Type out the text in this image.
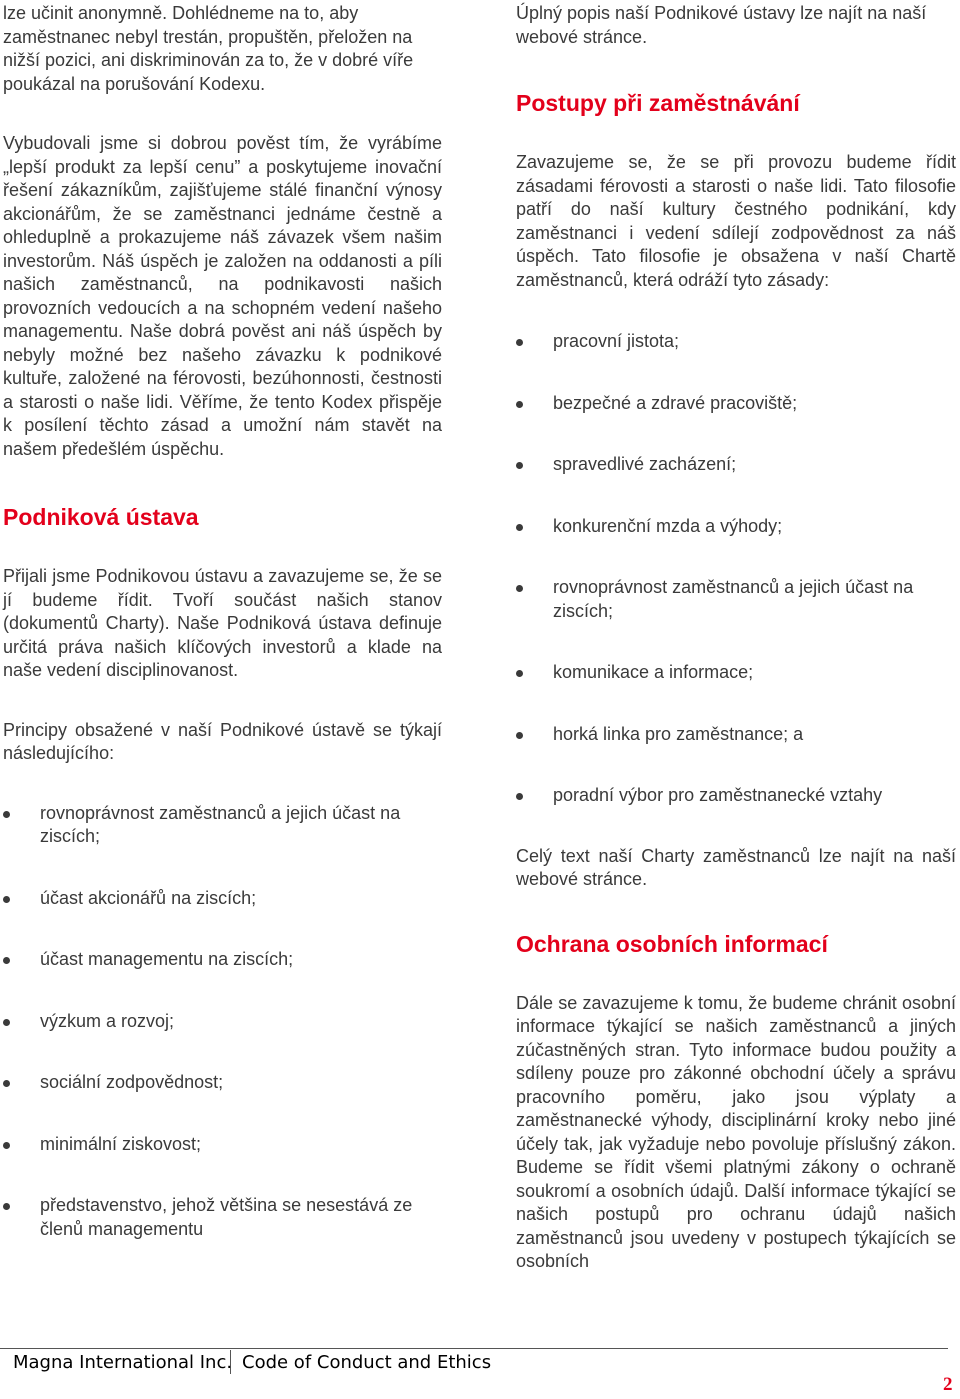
lze učinit anonymně. Dohlédneme na to, aby zaměstnanec nebyl trestán, propuštěn, přeložen na nižší pozici, ani diskriminován za to, že v dobré víře poukázal na porušování Kodexu.

Vybudovali jsme si dobrou pověst tím, že vyrábíme „lepší produkt za lepší cenu” a poskytujeme inovační řešení zákazníkům, zajišťujeme stálé finanční výnosy akcionářům, že se zaměstnanci jednáme čestně a ohleduplně a prokazujeme náš závazek všem našim investorům. Náš úspěch je založen na oddanosti a píli našich zaměstnanců, na podnikavosti našich provozních vedoucích a na schopném vedení našeho managementu. Naše dobrá pověst ani náš úspěch by nebyly možné bez našeho závazku k podnikové kultuře, založené na férovosti, bezúhonnosti, čestnosti a starosti o naše lidi. Věříme, že tento Kodex přispěje k posílení těchto zásad a umožní nám stavět na našem předešlém úspěchu.

Podniková ústava

Přijali jsme Podnikovou ústavu a zavazujeme se, že se jí budeme řídit. Tvoří součást našich stanov (dokumentů Charty). Naše Podniková ústava definuje určitá práva našich klíčových investorů a klade na naše vedení disciplinovanost.

Principy obsažené v naší Podnikové ústavě se týkají následujícího:

rovnoprávnost zaměstnanců a jejich účast na   ziscích;
účast akcionářů na ziscích;
účast managementu na ziscích;
výzkum a rozvoj;
sociální zodpovědnost;
minimální ziskovost;
představenstvo, jehož většina se nesestává ze členů managementu

Úplný popis naší Podnikové ústavy lze najít na naší webové stránce.

Postupy při zaměstnávání

Zavazujeme se, že se při provozu budeme řídit zásadami férovosti a starosti o naše lidi. Tato filosofie patří do naší kultury čestného podnikání, kdy zaměstnanci i vedení sdílejí zodpovědnost za náš úspěch. Tato filosofie je obsažena v naší Chartě zaměstnanců, která odráží tyto zásady:

pracovní jistota;
bezpečné a zdravé pracoviště;
spravedlivé zacházení;
konkurenční mzda a výhody;
rovnoprávnost zaměstnanců a jejich účast na ziscích;
komunikace a informace;
horká linka pro zaměstnance; a
poradní výbor pro zaměstnanecké vztahy

Celý text naší Charty zaměstnanců lze najít na naší webové stránce.

Ochrana osobních informací

Dále se zavazujeme k tomu, že budeme chránit osobní informace týkající se našich zaměstnanců a jiných zúčastněných stran. Tyto informace budou použity a sdíleny pouze pro zákonné obchodní účely a správu pracovního poměru, jako jsou výplaty a zaměstnanecké výhody, disciplinární kroky nebo jiné účely tak, jak vyžaduje nebo povoluje příslušný zákon. Budeme se řídit všemi platnými zákony o ochraně soukromí a osobních údajů. Další informace týkající se našich postupů pro ochranu údajů našich zaměstnanců jsou uvedeny v postupech týkajících se osobních

Magna International Inc. Code of Conduct and Ethics
2
